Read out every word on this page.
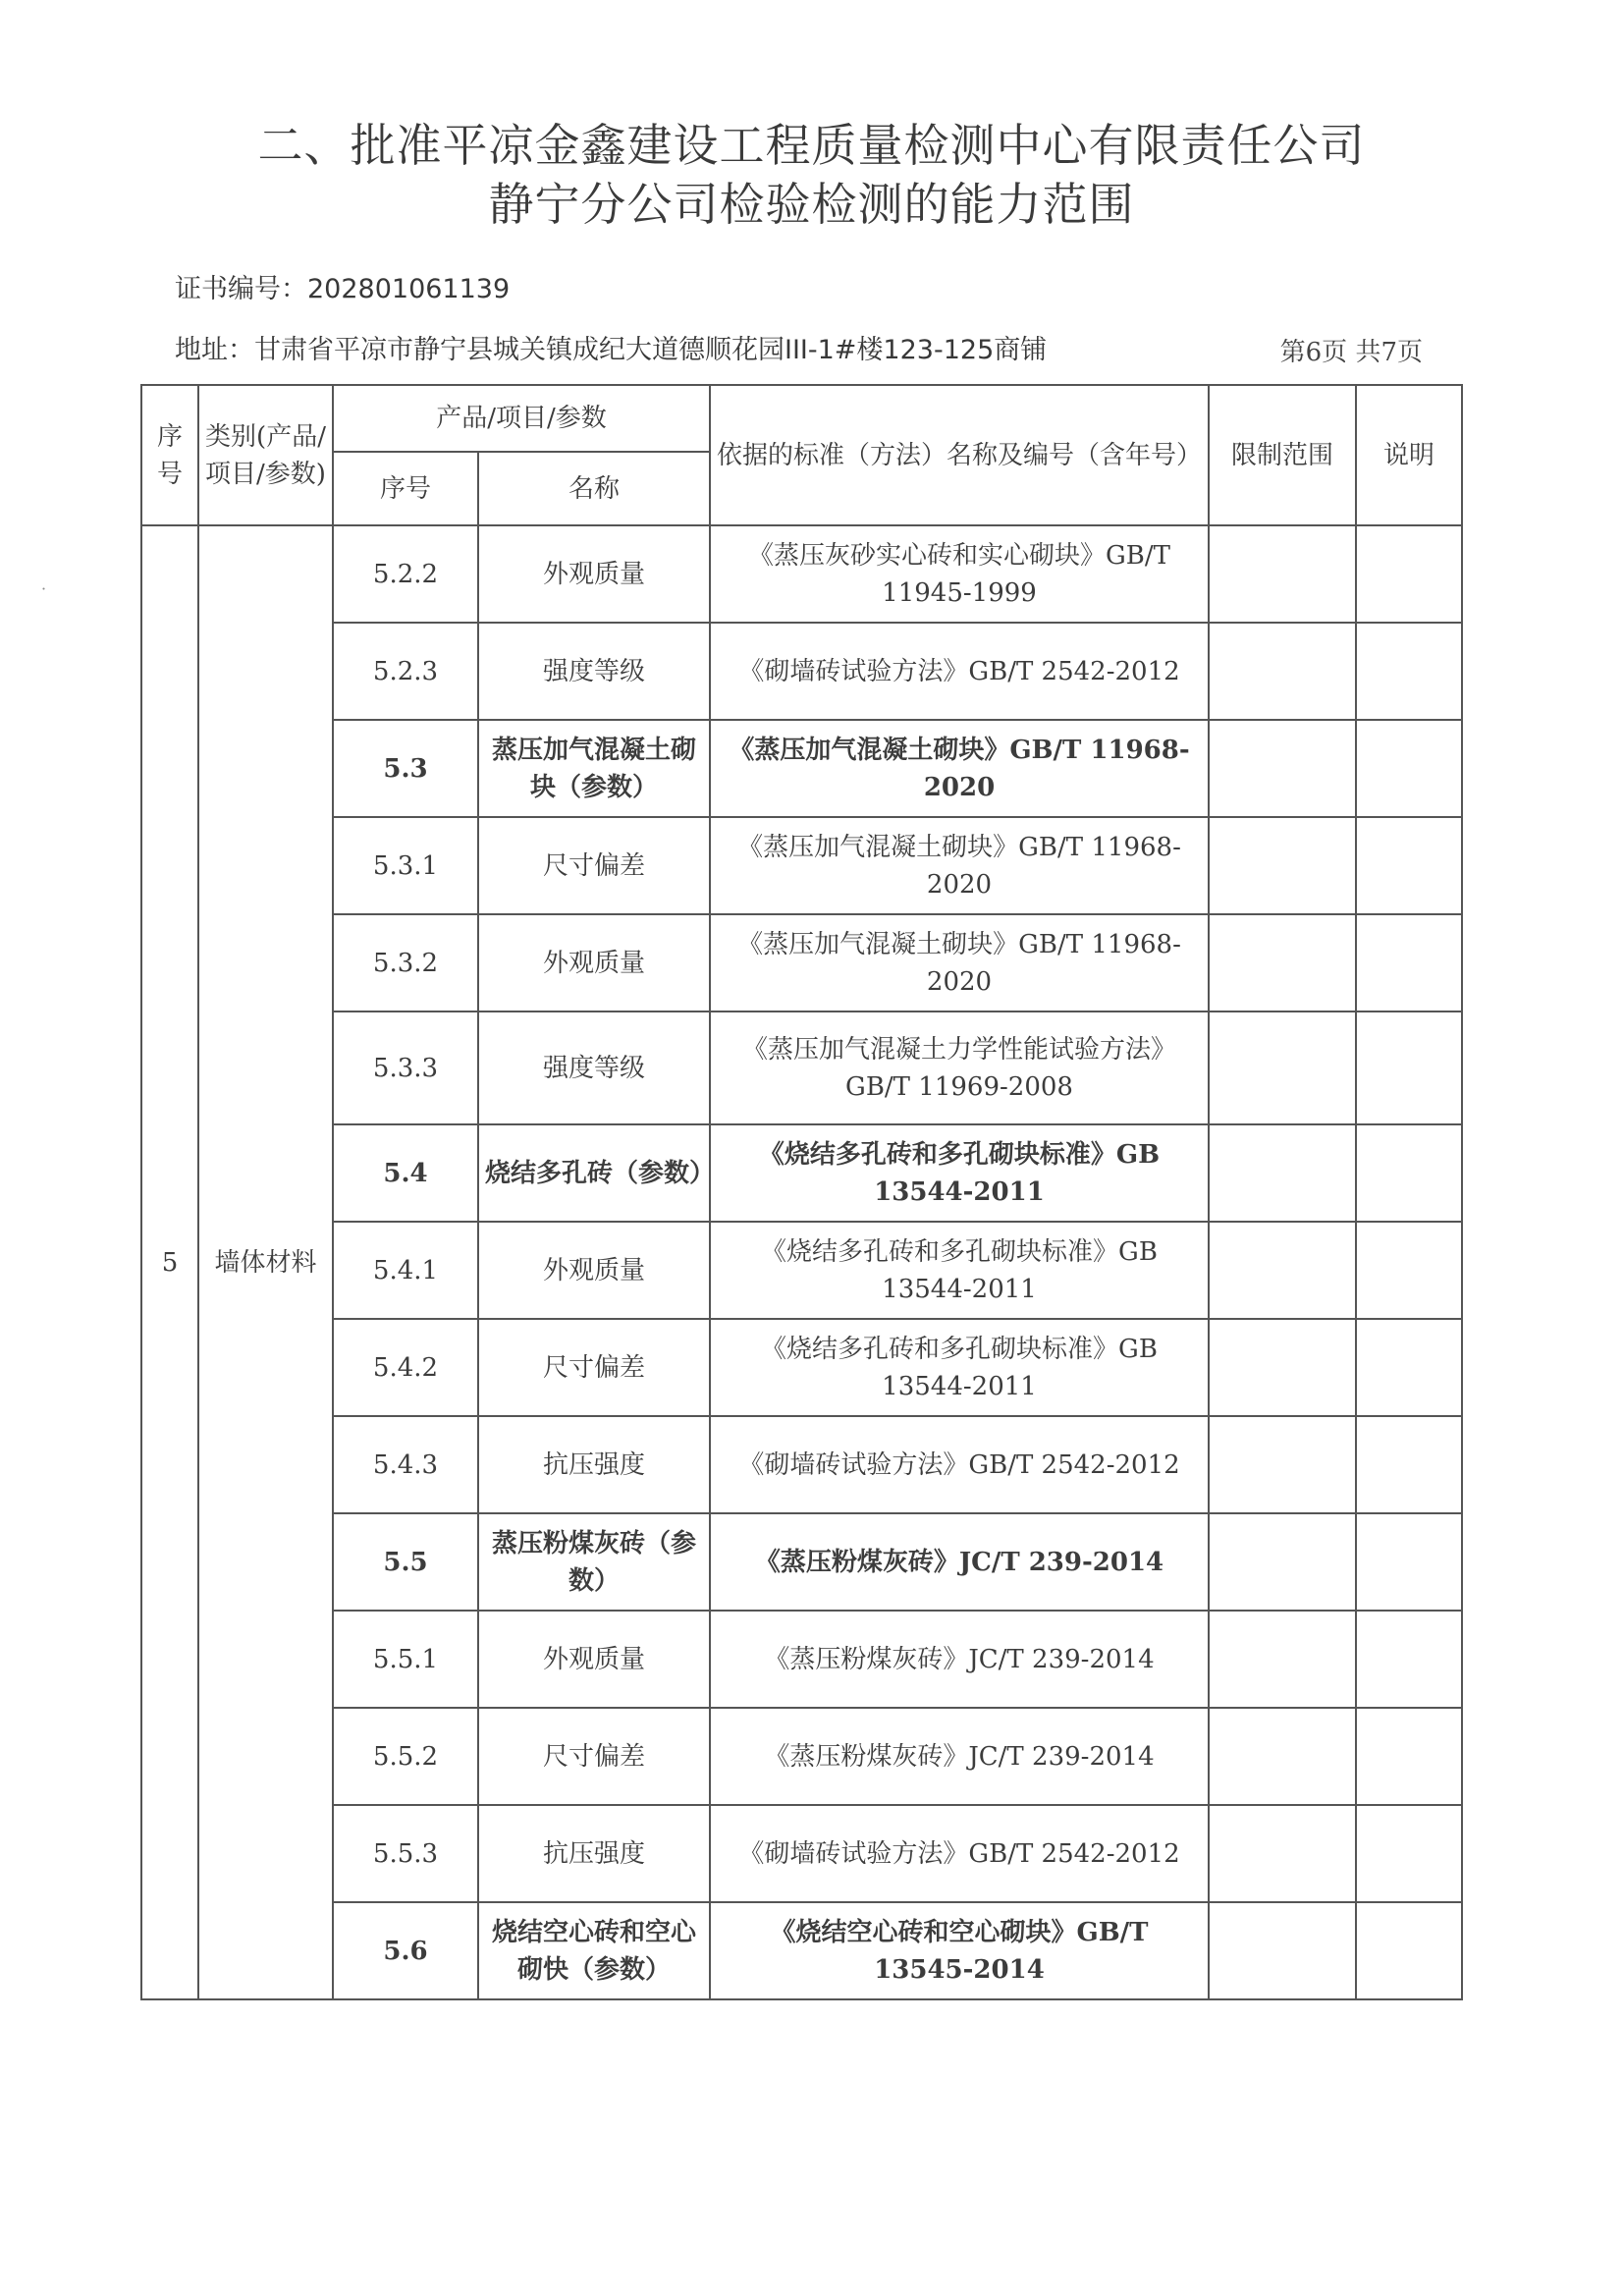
二、批准平凉金鑫建设工程质量检测中心有限责任公司
静宁分公司检验检测的能力范围
证书编号：202801061139
地址：甘肃省平凉市静宁县城关镇成纪大道德顺花园III-1#楼123-125商铺	第6页 共7页
序号	类别(产品/项目/参数)	产品/项目/参数		依据的标准（方法）名称及编号（含年号）	限制范围	说明
		序号	名称			
5	墙体材料	5.2.2	外观质量	《蒸压灰砂实心砖和实心砌块》GB/T 11945-1999		
		5.2.3	强度等级	《砌墙砖试验方法》GB/T 2542-2012		
		5.3	蒸压加气混凝土砌块（参数）	《蒸压加气混凝土砌块》GB/T 11968-2020		
		5.3.1	尺寸偏差	《蒸压加气混凝土砌块》GB/T 11968-2020		
		5.3.2	外观质量	《蒸压加气混凝土砌块》GB/T 11968-2020		
		5.3.3	强度等级	《蒸压加气混凝土力学性能试验方法》GB/T 11969-2008		
		5.4	烧结多孔砖（参数）	《烧结多孔砖和多孔砌块标准》GB 13544-2011		
		5.4.1	外观质量	《烧结多孔砖和多孔砌块标准》GB 13544-2011		
		5.4.2	尺寸偏差	《烧结多孔砖和多孔砌块标准》GB 13544-2011		
		5.4.3	抗压强度	《砌墙砖试验方法》GB/T 2542-2012		
		5.5	蒸压粉煤灰砖（参数）	《蒸压粉煤灰砖》JC/T 239-2014		
		5.5.1	外观质量	《蒸压粉煤灰砖》JC/T 239-2014		
		5.5.2	尺寸偏差	《蒸压粉煤灰砖》JC/T 239-2014		
		5.5.3	抗压强度	《砌墙砖试验方法》GB/T 2542-2012		
		5.6	烧结空心砖和空心砌快（参数）	《烧结空心砖和空心砌块》GB/T 13545-2014		
˙
